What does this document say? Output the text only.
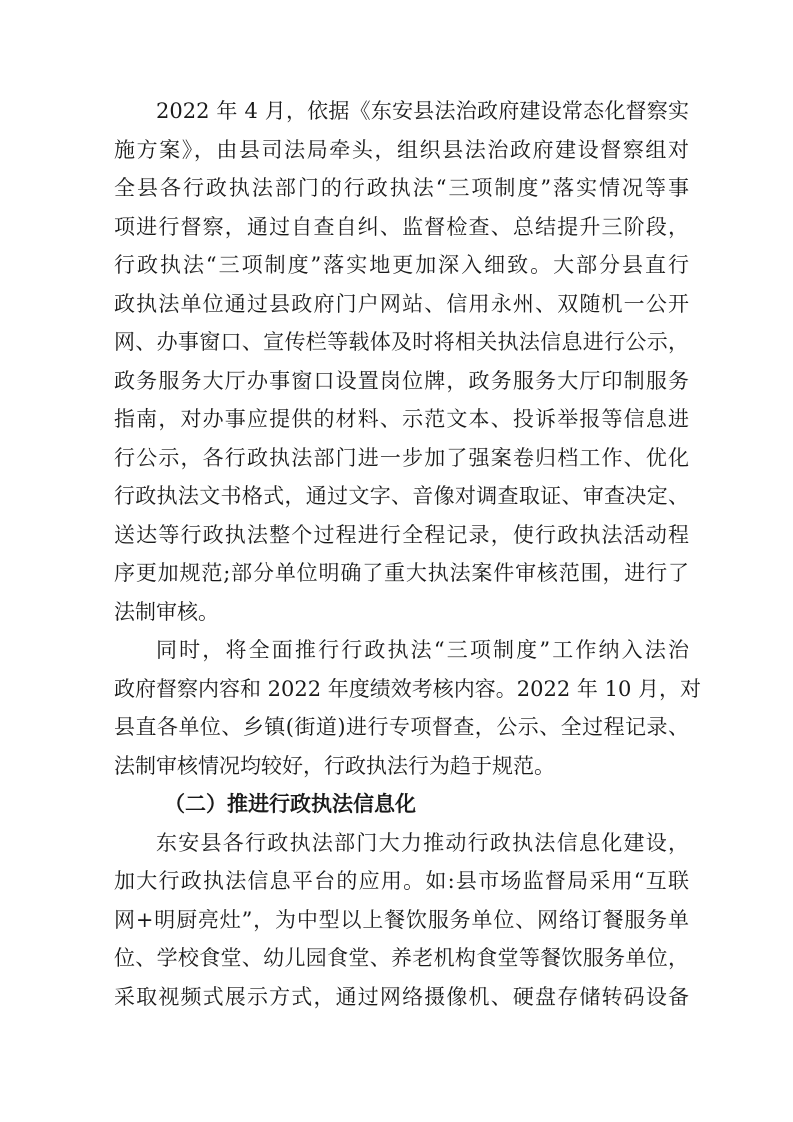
2022 年 4 月，依据《东安县法治政府建设常态化督察实
施方案》，由县司法局牵头，组织县法治政府建设督察组对
全县各行政执法部门的行政执法“三项制度”落实情况等事
项进行督察，通过自查自纠、监督检查、总结提升三阶段，
行政执法“三项制度”落实地更加深入细致。大部分县直行
政执法单位通过县政府门户网站、信用永州、双随机一公开
网、办事窗口、宣传栏等载体及时将相关执法信息进行公示，
政务服务大厅办事窗口设置岗位牌，政务服务大厅印制服务
指南，对办事应提供的材料、示范文本、投诉举报等信息进
行公示，各行政执法部门进一步加了强案卷归档工作、优化
行政执法文书格式，通过文字、音像对调查取证、审查决定、
送达等行政执法整个过程进行全程记录，使行政执法活动程
序更加规范;部分单位明确了重大执法案件审核范围，进行了
法制审核。
同时，将全面推行行政执法“三项制度”工作纳入法治
政府督察内容和 2022 年度绩效考核内容。2022 年 10 月，对
县直各单位、乡镇(街道)进行专项督查，公示、全过程记录、
法制审核情况均较好，行政执法行为趋于规范。
（二）推进行政执法信息化
东安县各行政执法部门大力推动行政执法信息化建设，
加大行政执法信息平台的应用。如:县市场监督局采用“互联
网+明厨亮灶”，为中型以上餐饮服务单位、网络订餐服务单
位、学校食堂、幼儿园食堂、养老机构食堂等餐饮服务单位，
采取视频式展示方式，通过网络摄像机、硬盘存储转码设备
